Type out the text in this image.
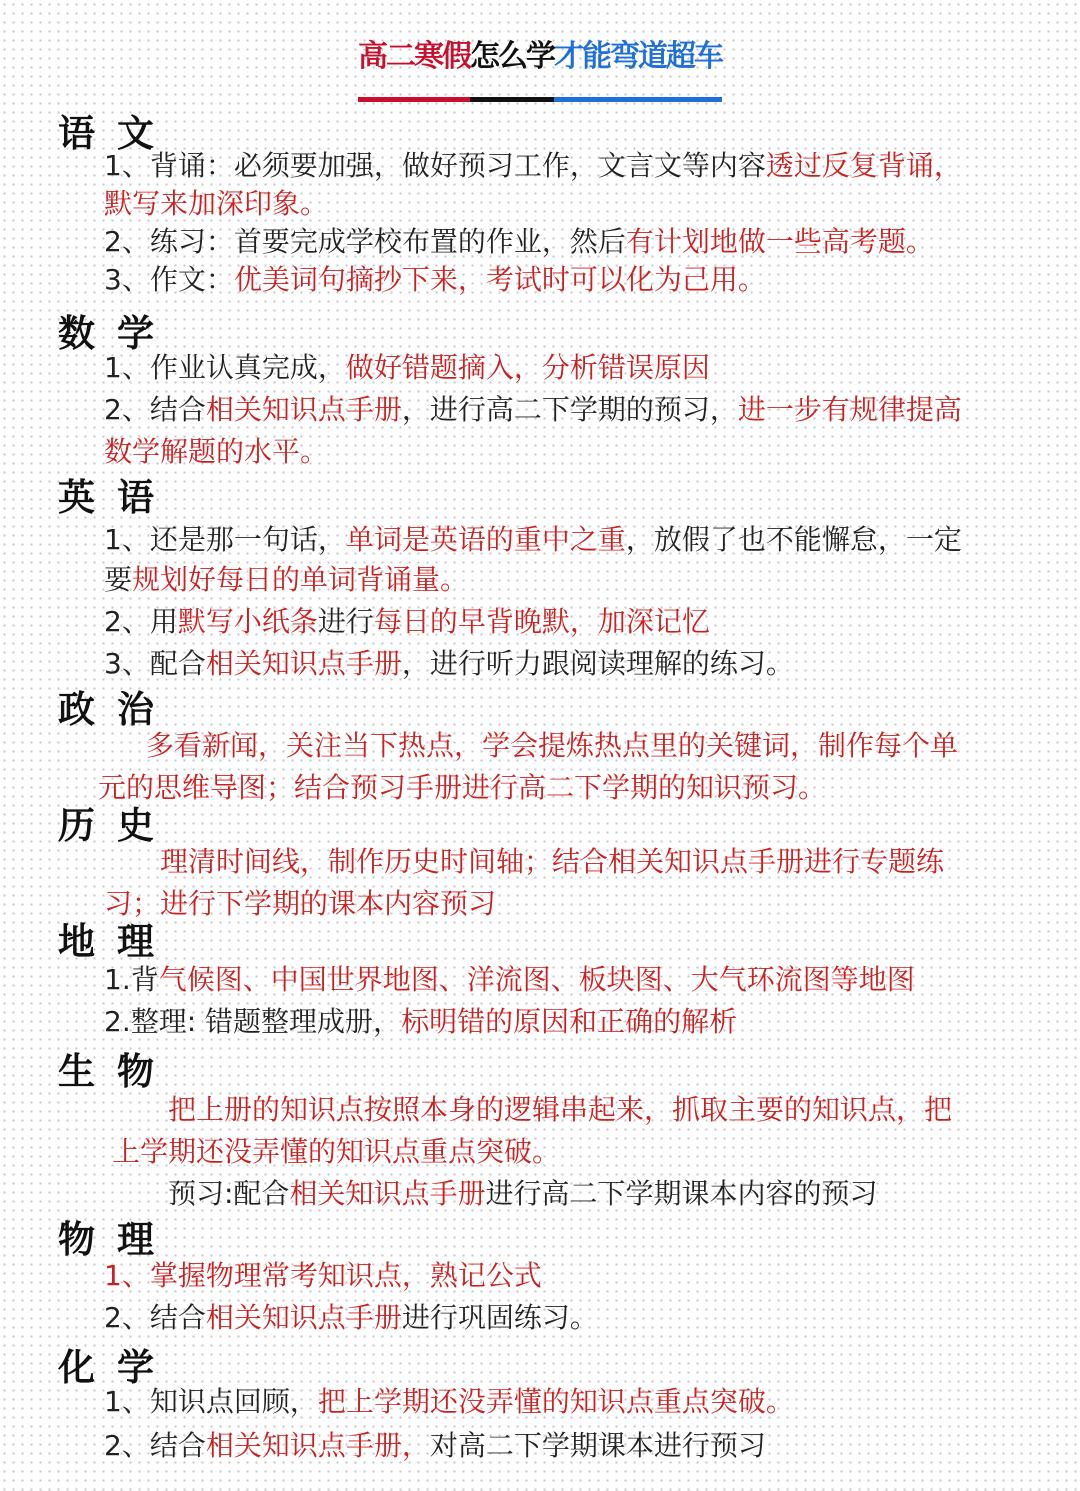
高二寒假怎么学才能弯道超车
语文
1、背诵：必须要加强，做好预习工作，文言文等内容透过反复背诵，
默写来加深印象。
2、练习：首要完成学校布置的作业，然后有计划地做一些高考题。
3、作文：优美词句摘抄下来，考试时可以化为己用。
数学
1、作业认真完成，做好错题摘入，分析错误原因
2、结合相关知识点手册，进行高二下学期的预习，进一步有规律提高
数学解题的水平。
英语
1、还是那一句话，单词是英语的重中之重，放假了也不能懈怠，一定
要规划好每日的单词背诵量。
2、用默写小纸条进行每日的早背晚默，加深记忆
3、配合相关知识点手册，进行听力跟阅读理解的练习。
政治
多看新闻，关注当下热点，学会提炼热点里的关键词，制作每个单
元的思维导图；结合预习手册进行高二下学期的知识预习。
历史
理清时间线，制作历史时间轴；结合相关知识点手册进行专题练
习；进行下学期的课本内容预习
地理
1.背气候图、中国世界地图、洋流图、板块图、大气环流图等地图
2.整理: 错题整理成册，标明错的原因和正确的解析
生物
把上册的知识点按照本身的逻辑串起来，抓取主要的知识点，把
上学期还没弄懂的知识点重点突破。
预习:配合相关知识点手册进行高二下学期课本内容的预习
物理
1、掌握物理常考知识点，熟记公式
2、结合相关知识点手册进行巩固练习。
化学
1、知识点回顾，把上学期还没弄懂的知识点重点突破。
2、结合相关知识点手册，对高二下学期课本进行预习
